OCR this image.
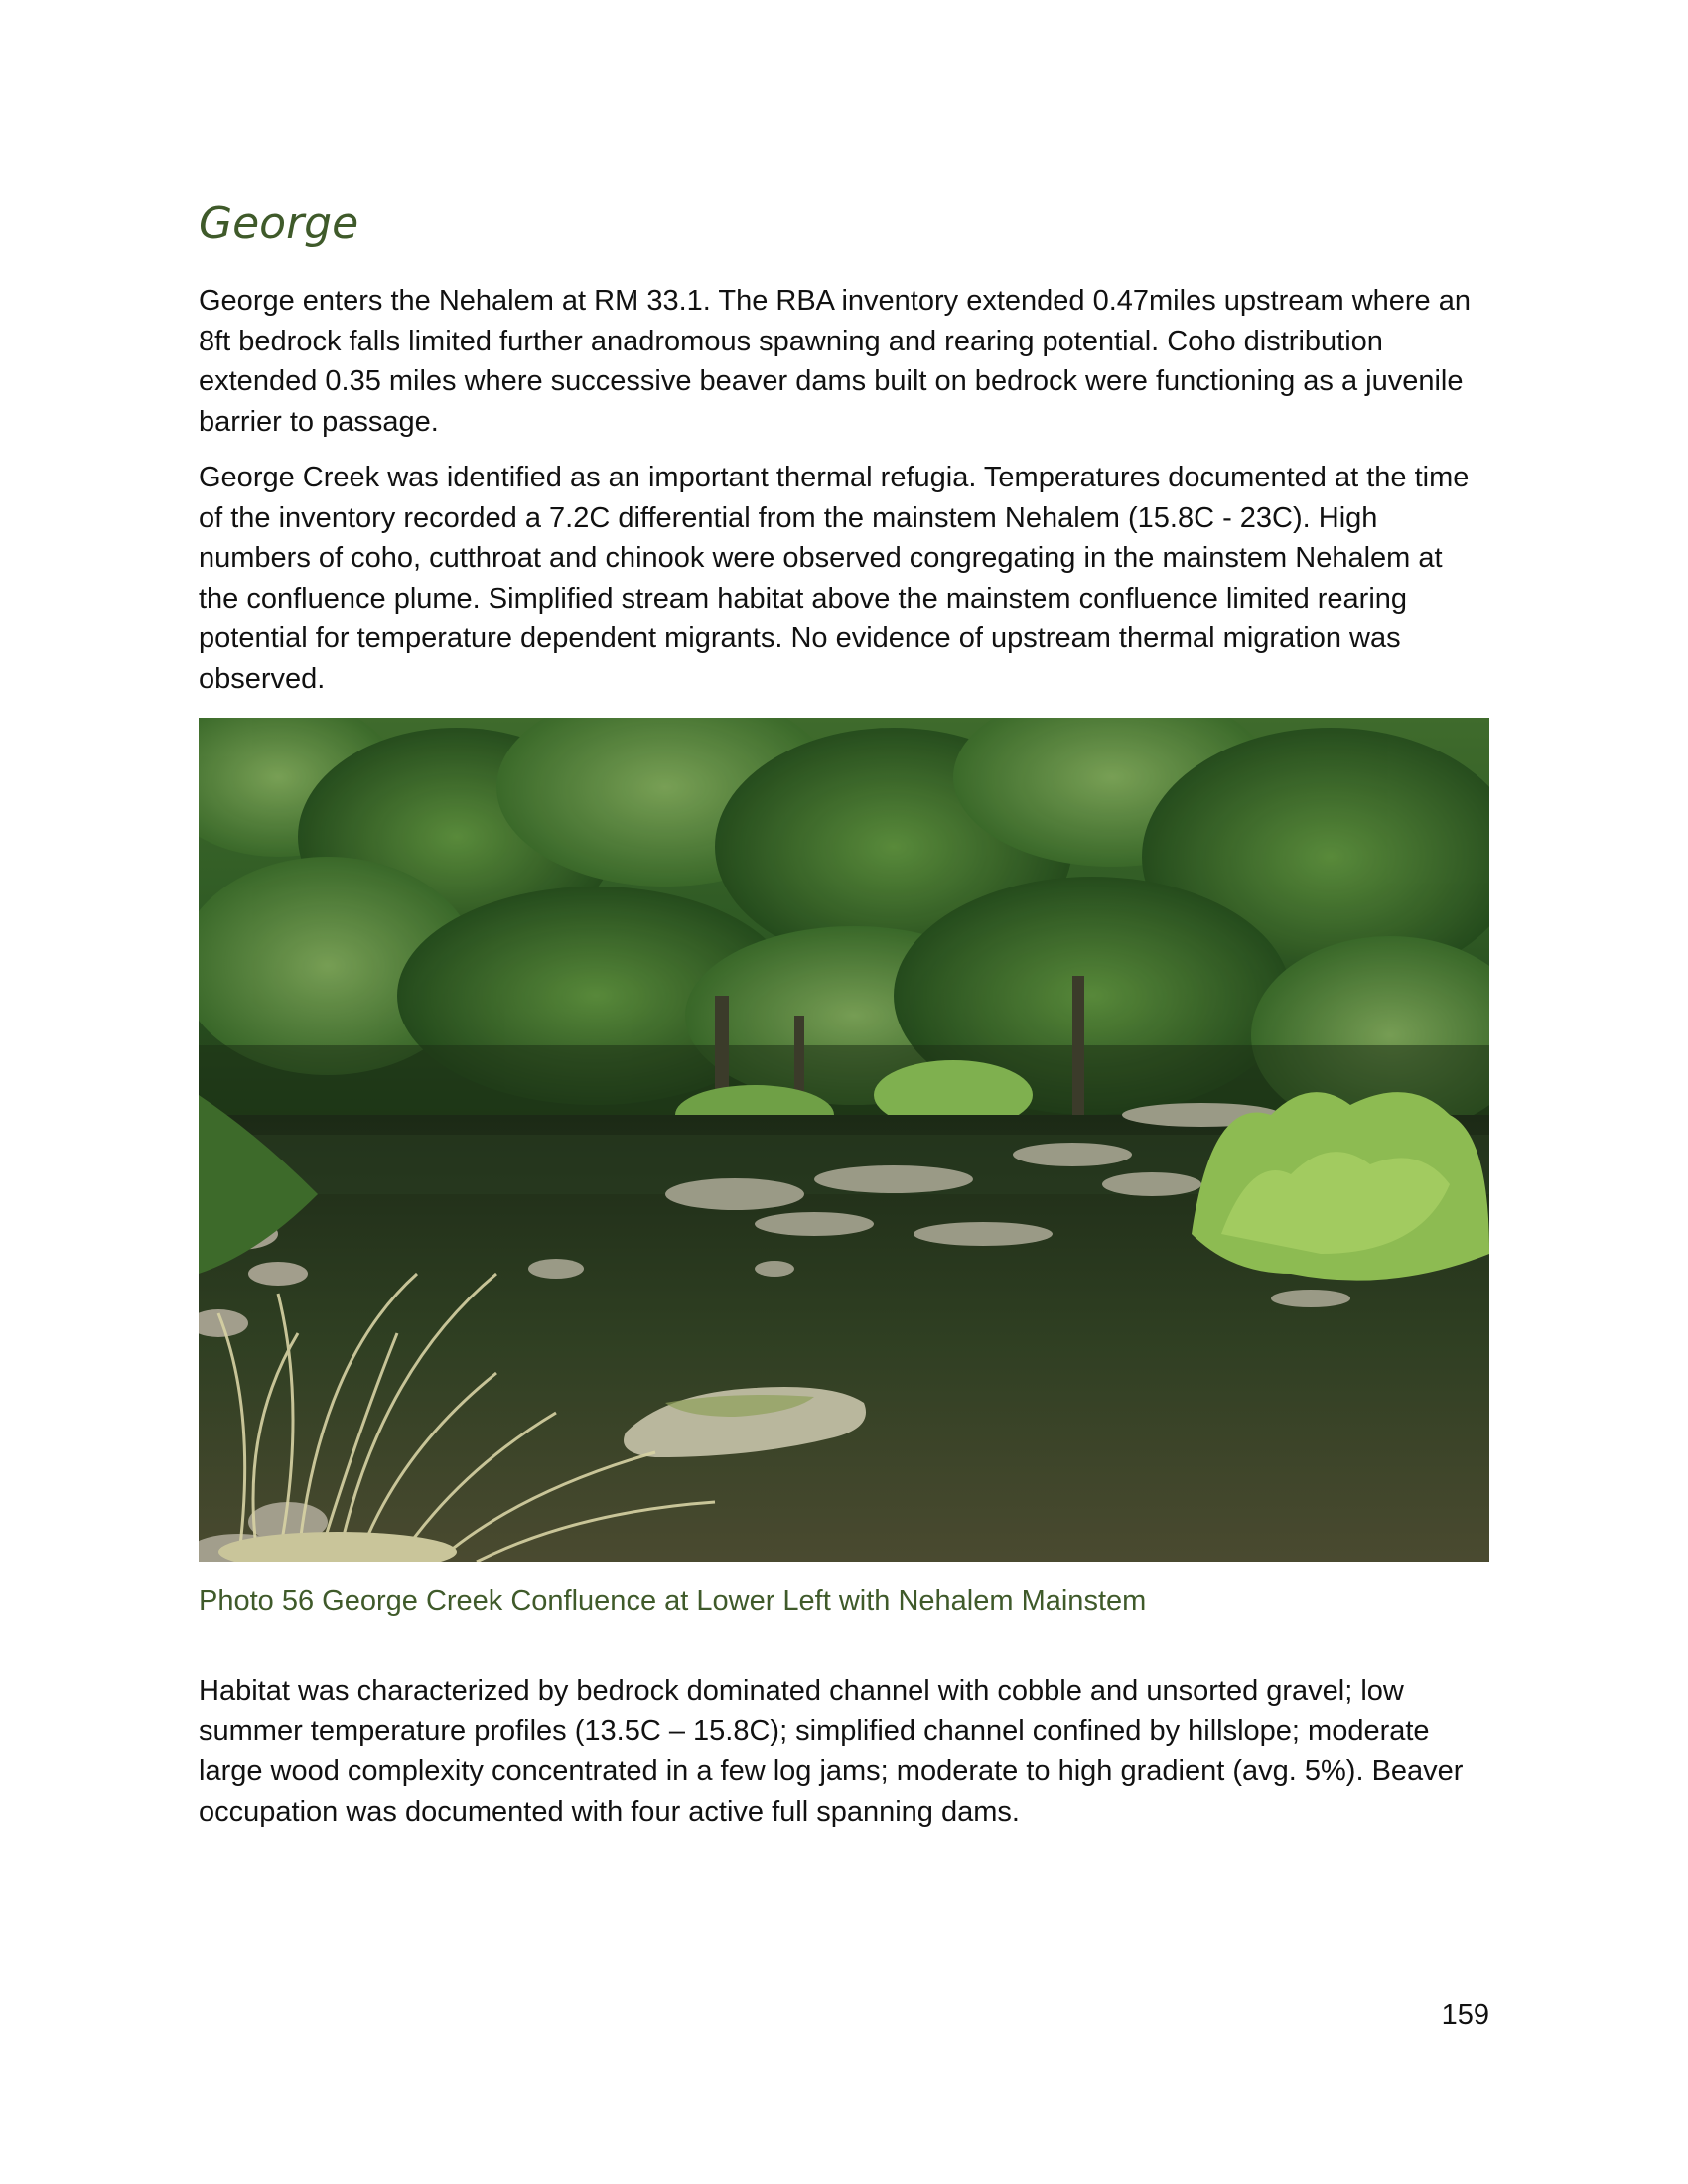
George

George enters the Nehalem at RM 33.1. The RBA inventory extended 0.47miles upstream where an 8ft bedrock falls limited further anadromous spawning and rearing potential. Coho distribution extended 0.35 miles where successive beaver dams built on bedrock were functioning as a juvenile barrier to passage.

George Creek was identified as an important thermal refugia. Temperatures documented at the time of the inventory recorded a 7.2C differential from the mainstem Nehalem (15.8C - 23C). High numbers of coho, cutthroat and chinook were observed congregating in the mainstem Nehalem at the confluence plume. Simplified stream habitat above the mainstem confluence limited rearing potential for temperature dependent migrants. No evidence of upstream thermal migration was observed.

Photo 56 George Creek Confluence at Lower Left with Nehalem Mainstem

Habitat was characterized by bedrock dominated channel with cobble and unsorted gravel; low summer temperature profiles (13.5C – 15.8C); simplified channel confined by hillslope; moderate large wood complexity concentrated in a few log jams; moderate to high gradient (avg. 5%). Beaver occupation was documented with four active full spanning dams.

159
